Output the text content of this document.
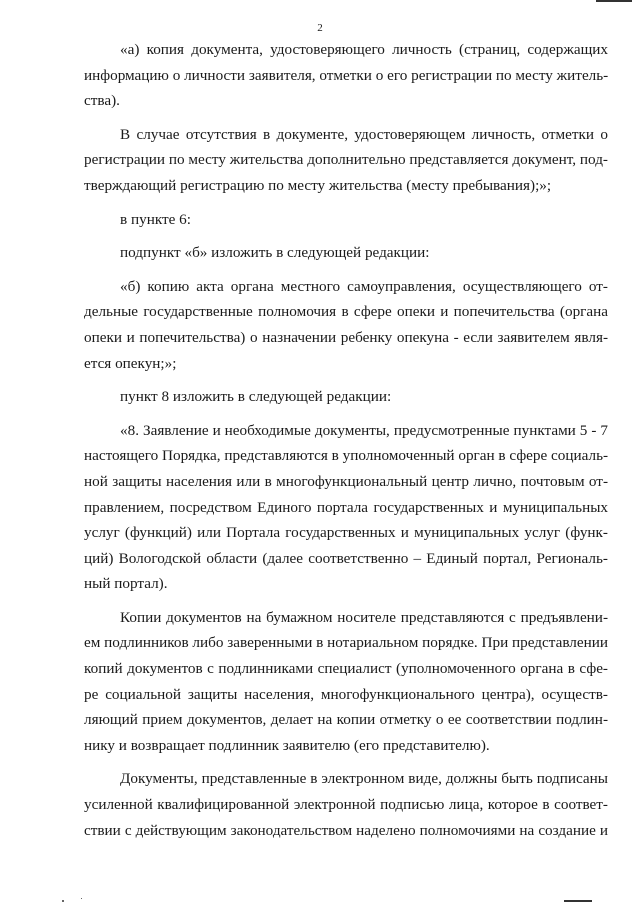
2
«а) копия документа, удостоверяющего личность (страниц, содержащих
информацию о личности заявителя, отметки о его регистрации по месту житель-
ства).
В случае отсутствия в документе, удостоверяющем личность, отметки о
регистрации по месту жительства дополнительно представляется документ, под-
тверждающий регистрацию по месту жительства (месту пребывания);»;
в пункте 6:
подпункт «б» изложить в следующей редакции:
«б) копию акта органа местного самоуправления, осуществляющего от-
дельные государственные полномочия в сфере опеки и попечительства (органа
опеки и попечительства) о назначении ребенку опекуна - если заявителем явля-
ется опекун;»;
пункт 8 изложить в следующей редакции:
«8. Заявление и необходимые документы, предусмотренные пунктами 5 - 7
настоящего Порядка, представляются в уполномоченный орган в сфере социаль-
ной защиты населения или в многофункциональный центр лично, почтовым от-
правлением, посредством Единого портала государственных и муниципальных
услуг (функций) или Портала государственных и муниципальных услуг (функ-
ций) Вологодской области (далее соответственно – Единый портал, Региональ-
ный портал).
Копии документов на бумажном носителе представляются с предъявлени-
ем подлинников либо заверенными в нотариальном порядке. При представлении
копий документов с подлинниками специалист (уполномоченного органа в сфе-
ре социальной защиты населения, многофункционального центра), осуществ-
ляющий прием документов, делает на копии отметку о ее соответствии подлин-
нику и возвращает подлинник заявителю (его представителю).
Документы, представленные в электронном виде, должны быть подписаны
усиленной квалифицированной электронной подписью лица, которое в соответ-
ствии с действующим законодательством наделено полномочиями на создание и
